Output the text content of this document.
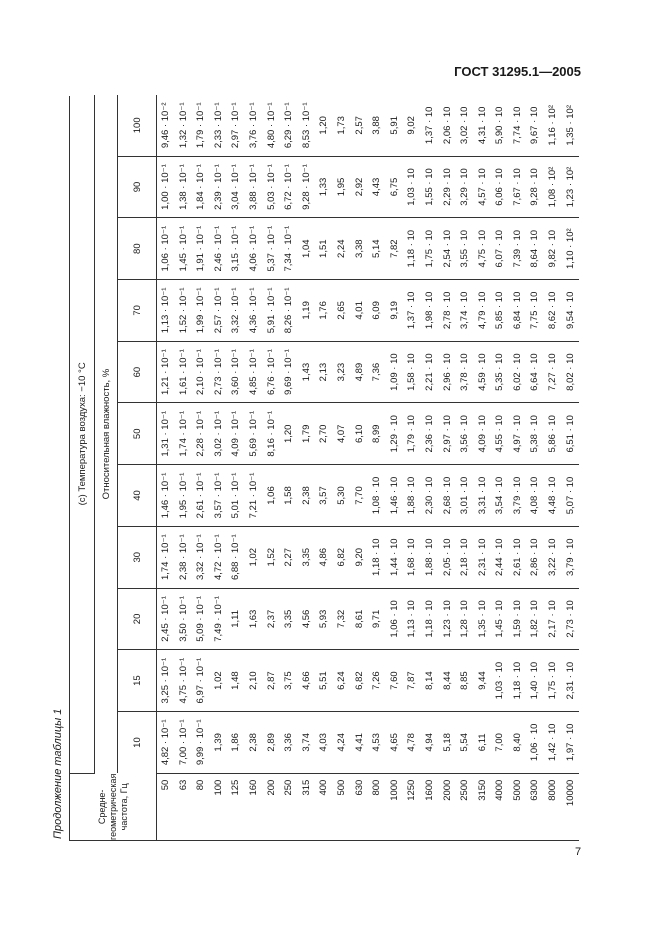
ГОСТ 31295.1—2005
Продолжение таблицы 1	Средне-геометрическая частота, Гц	(с) Температура воздуха: −10 °С										
	Относительная влажность, %										
	10	15	20	30	40	50	60	70	80	90	100
50	4,82 · 10⁻¹	3,25 · 10⁻¹	2,45 · 10⁻¹	1,74 · 10⁻¹	1,46 · 10⁻¹	1,31 · 10⁻¹	1,21 · 10⁻¹	1,13 · 10⁻¹	1,06 · 10⁻¹	1,00 · 10⁻¹	9,46 · 10⁻²
63	7,00 · 10⁻¹	4,75 · 10⁻¹	3,50 · 10⁻¹	2,38 · 10⁻¹	1,95 · 10⁻¹	1,74 · 10⁻¹	1,61 · 10⁻¹	1,52 · 10⁻¹	1,45 · 10⁻¹	1,38 · 10⁻¹	1,32 · 10⁻¹
80	9,99 · 10⁻¹	6,97 · 10⁻¹	5,09 · 10⁻¹	3,32 · 10⁻¹	2,61 · 10⁻¹	2,28 · 10⁻¹	2,10 · 10⁻¹	1,99 · 10⁻¹	1,91 · 10⁻¹	1,84 · 10⁻¹	1,79 · 10⁻¹
100	1,39	1,02	7,49 · 10⁻¹	4,72 · 10⁻¹	3,57 · 10⁻¹	3,02 · 10⁻¹	2,73 · 10⁻¹	2,57 · 10⁻¹	2,46 · 10⁻¹	2,39 · 10⁻¹	2,33 · 10⁻¹
125	1,86	1,48	1,11	6,88 · 10⁻¹	5,01 · 10⁻¹	4,09 · 10⁻¹	3,60 · 10⁻¹	3,32 · 10⁻¹	3,15 · 10⁻¹	3,04 · 10⁻¹	2,97 · 10⁻¹
160	2,38	2,10	1,63	1,02	7,21 · 10⁻¹	5,69 · 10⁻¹	4,85 · 10⁻¹	4,36 · 10⁻¹	4,06 · 10⁻¹	3,88 · 10⁻¹	3,76 · 10⁻¹
200	2,89	2,87	2,37	1,52	1,06	8,16 · 10⁻¹	6,76 · 10⁻¹	5,91 · 10⁻¹	5,37 · 10⁻¹	5,03 · 10⁻¹	4,80 · 10⁻¹
250	3,36	3,75	3,35	2,27	1,58	1,20	9,69 · 10⁻¹	8,26 · 10⁻¹	7,34 · 10⁻¹	6,72 · 10⁻¹	6,29 · 10⁻¹
315	3,74	4,66	4,56	3,35	2,38	1,79	1,43	1,19	1,04	9,28 · 10⁻¹	8,53 · 10⁻¹
400	4,03	5,51	5,93	4,86	3,57	2,70	2,13	1,76	1,51	1,33	1,20
500	4,24	6,24	7,32	6,82	5,30	4,07	3,23	2,65	2,24	1,95	1,73
630	4,41	6,82	8,61	9,20	7,70	6,10	4,89	4,01	3,38	2,92	2,57
800	4,53	7,26	9,71	1,18 · 10	1,08 · 10	8,99	7,36	6,09	5,14	4,43	3,88
1000	4,65	7,60	1,06 · 10	1,44 · 10	1,46 · 10	1,29 · 10	1,09 · 10	9,19	7,82	6,75	5,91
1250	4,78	7,87	1,13 · 10	1,68 · 10	1,88 · 10	1,79 · 10	1,58 · 10	1,37 · 10	1,18 · 10	1,03 · 10	9,02
1600	4,94	8,14	1,18 · 10	1,88 · 10	2,30 · 10	2,36 · 10	2,21 · 10	1,98 · 10	1,75 · 10	1,55 · 10	1,37 · 10
2000	5,18	8,44	1,23 · 10	2,05 · 10	2,68 · 10	2,97 · 10	2,96 · 10	2,78 · 10	2,54 · 10	2,29 · 10	2,06 · 10
2500	5,54	8,85	1,28 · 10	2,18 · 10	3,01 · 10	3,56 · 10	3,78 · 10	3,74 · 10	3,55 · 10	3,29 · 10	3,02 · 10
3150	6,11	9,44	1,35 · 10	2,31 · 10	3,31 · 10	4,09 · 10	4,59 · 10	4,79 · 10	4,75 · 10	4,57 · 10	4,31 · 10
4000	7,00	1,03 · 10	1,45 · 10	2,44 · 10	3,54 · 10	4,55 · 10	5,35 · 10	5,85 · 10	6,07 · 10	6,06 · 10	5,90 · 10
5000	8,40	1,18 · 10	1,59 · 10	2,61 · 10	3,79 · 10	4,97 · 10	6,02 · 10	6,84 · 10	7,39 · 10	7,67 · 10	7,74 · 10
6300	1,06 · 10	1,40 · 10	1,82 · 10	2,86 · 10	4,08 · 10	5,38 · 10	6,64 · 10	7,75 · 10	8,64 · 10	9,28 · 10	9,67 · 10
8000	1,42 · 10	1,75 · 10	2,17 · 10	3,22 · 10	4,48 · 10	5,86 · 10	7,27 · 10	8,62 · 10	9,82 · 10	1,08 · 10²	1,16 · 10²
10000	1,97 · 10	2,31 · 10	2,73 · 10	3,79 · 10	5,07 · 10	6,51 · 10	8,02 · 10	9,54 · 10	1,10 · 10²	1,23 · 10²	1,35 · 10²
7
